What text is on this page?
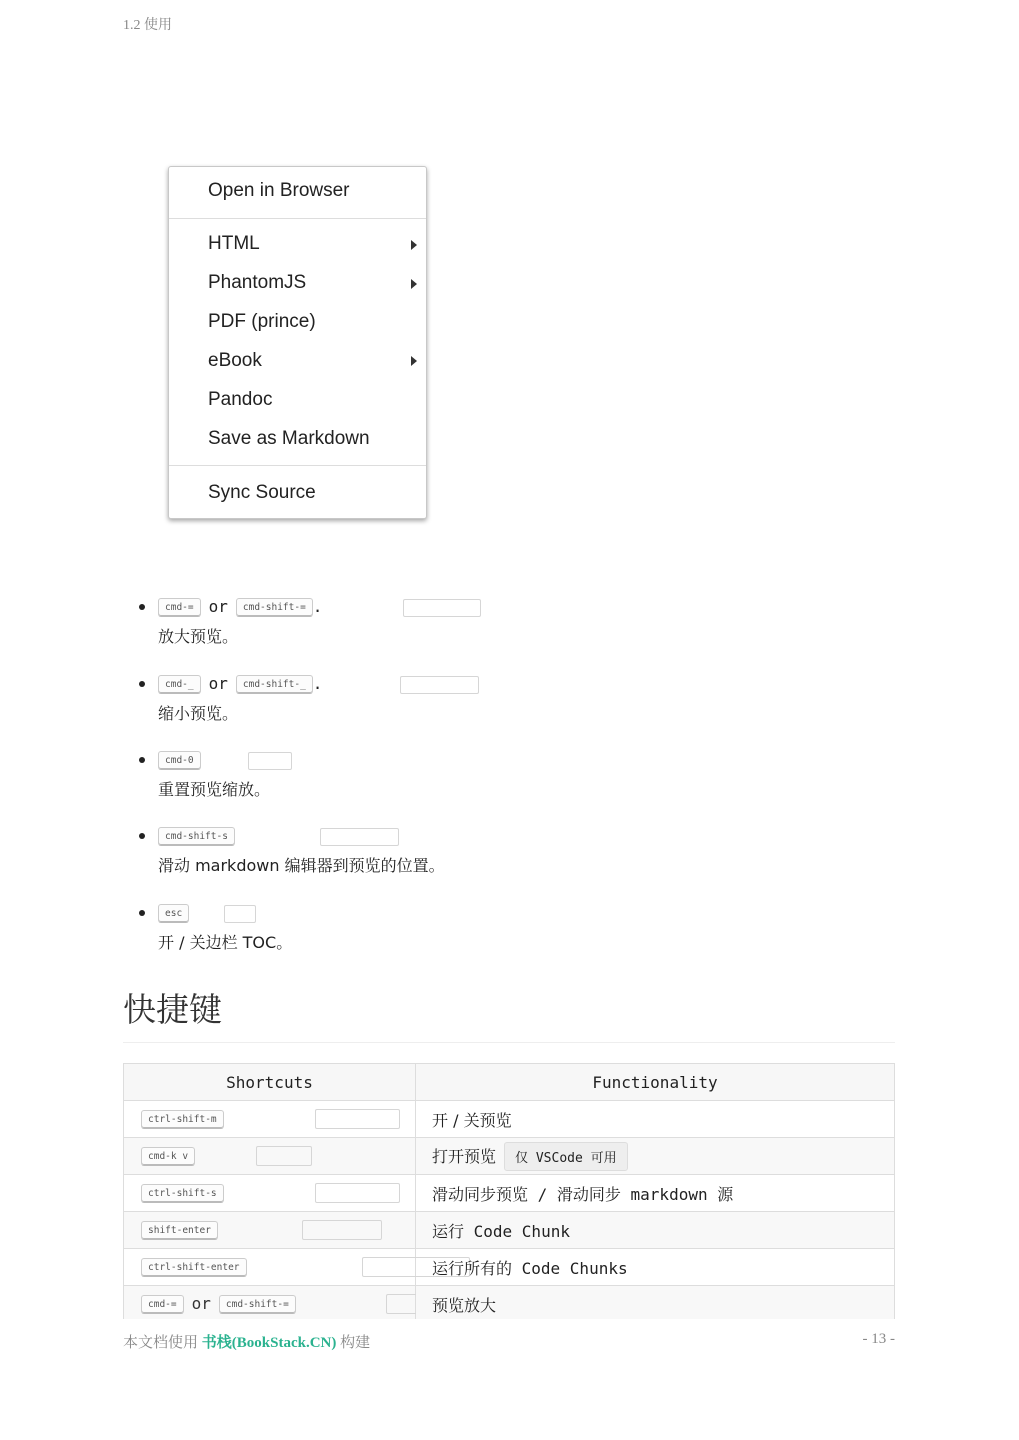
1.2 使用
Open in Browser
HTML
PhantomJS
PDF (prince)
eBook
Pandoc
Save as Markdown
Sync Source
cmd-= or cmd-shift-= .
放大预览。
cmd-_ or cmd-shift-_ .
缩小预览。
cmd-0
重置预览缩放。
cmd-shift-s
滑动 markdown 编辑器到预览的位置。
esc
开 / 关边栏 TOC。
快捷键
Shortcuts	Functionality
ctrl-shift-m	开 / 关预览
cmd-k v	打开预览 仅 VSCode 可用
ctrl-shift-s	滑动同步预览 / 滑动同步 markdown 源
shift-enter	运行 Code Chunk
ctrl-shift-enter	运行所有的 Code Chunks
cmd-= or cmd-shift-=	预览放大
本文档使用 书栈(BookStack.CN) 构建	- 13 -
